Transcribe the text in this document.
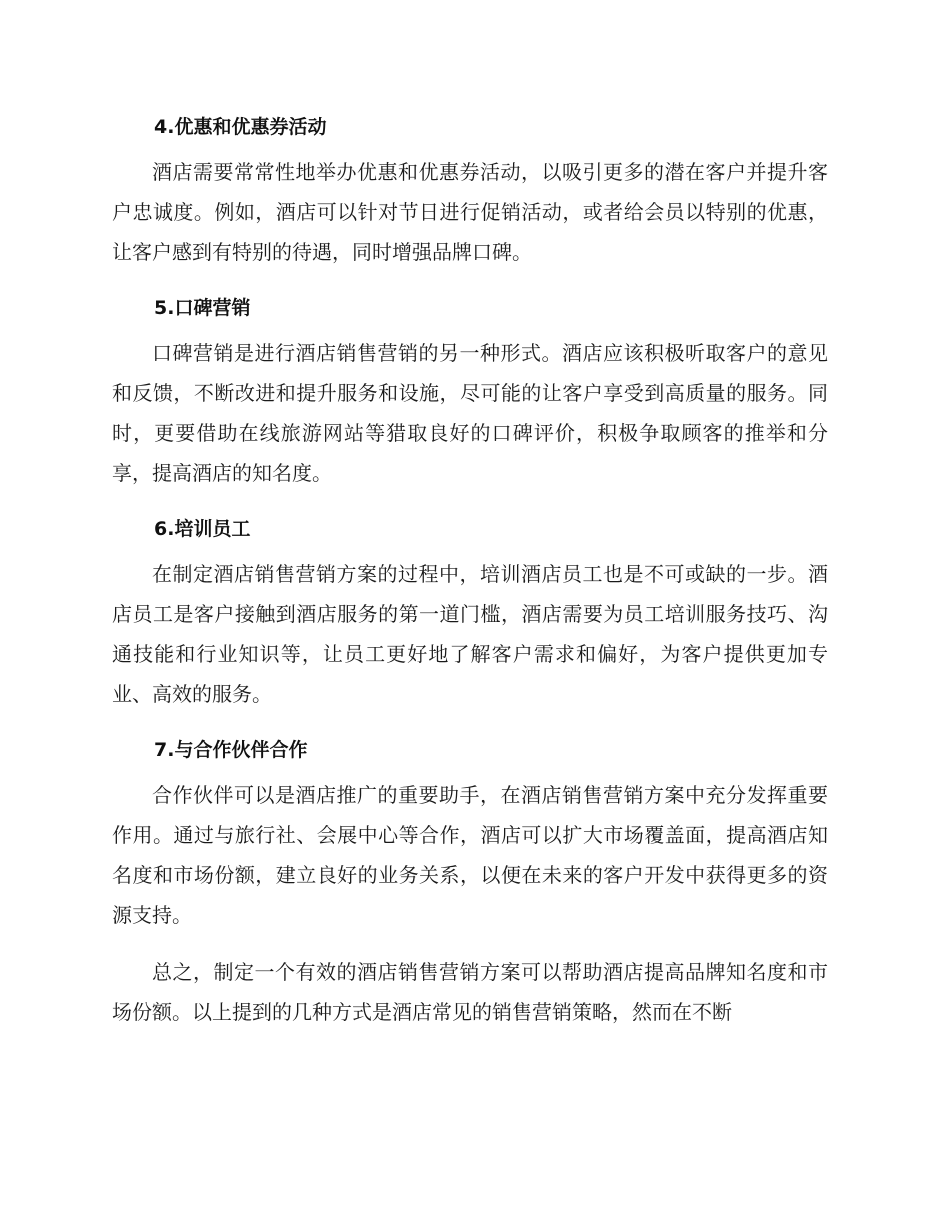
4.优惠和优惠券活动

酒店需要常常性地举办优惠和优惠券活动，以吸引更多的潜在客户并提升客户忠诚度。例如，酒店可以针对节日进行促销活动，或者给会员以特别的优惠，让客户感到有特别的待遇，同时增强品牌口碑。

5.口碑营销

口碑营销是进行酒店销售营销的另一种形式。酒店应该积极听取客户的意见和反馈，不断改进和提升服务和设施，尽可能的让客户享受到高质量的服务。同时，更要借助在线旅游网站等猎取良好的口碑评价，积极争取顾客的推举和分享，提高酒店的知名度。

6.培训员工

在制定酒店销售营销方案的过程中，培训酒店员工也是不可或缺的一步。酒店员工是客户接触到酒店服务的第一道门槛，酒店需要为员工培训服务技巧、沟通技能和行业知识等，让员工更好地了解客户需求和偏好，为客户提供更加专业、高效的服务。

7.与合作伙伴合作

合作伙伴可以是酒店推广的重要助手，在酒店销售营销方案中充分发挥重要作用。通过与旅行社、会展中心等合作，酒店可以扩大市场覆盖面，提高酒店知名度和市场份额，建立良好的业务关系，以便在未来的客户开发中获得更多的资源支持。

总之，制定一个有效的酒店销售营销方案可以帮助酒店提高品牌知名度和市场份额。以上提到的几种方式是酒店常见的销售营销策略，然而在不断
